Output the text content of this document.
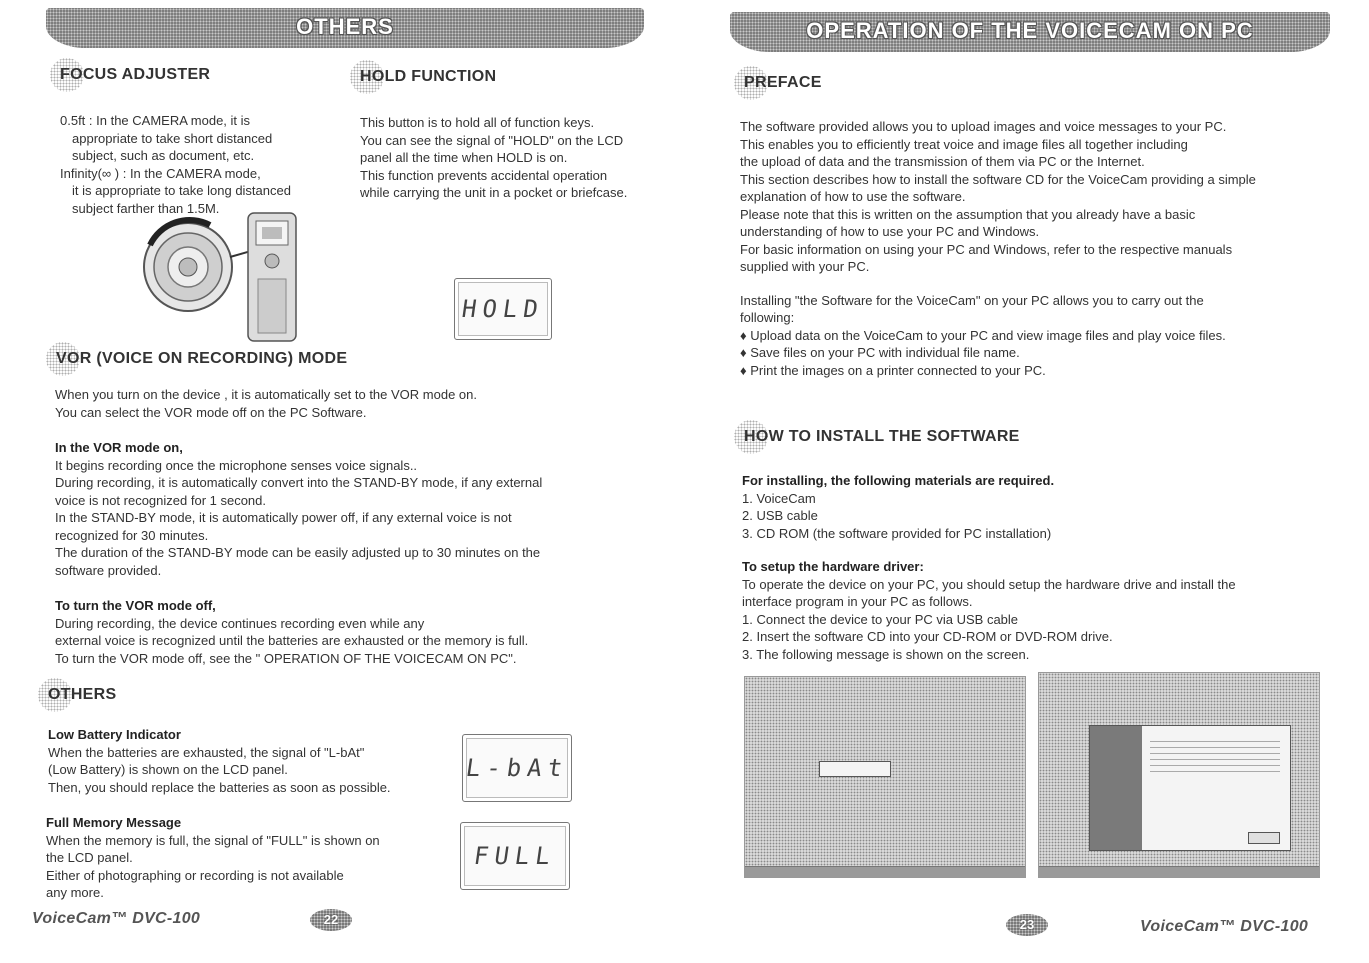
OTHERS
FOCUS ADJUSTER

0.5ft : In the CAMERA mode, it is

appropriate to take short distanced

subject, such as document, etc.

Infinity(∞ ) : In the CAMERA mode,

it is appropriate to take long distanced

subject farther than 1.5M.

HOLD FUNCTION

This button is to hold all of function keys.

You can see the signal of "HOLD" on the LCD

panel all the time when HOLD is on.

This function prevents accidental operation

while carrying the unit in a pocket or briefcase.

HOLD
VOR (VOICE ON RECORDING) MODE

When you turn on the device , it is automatically set to the VOR mode on.

You can select the VOR mode off on the PC Software.

In the VOR mode on,

It begins recording once the microphone senses voice signals..

During recording, it is automatically convert into the STAND-BY mode, if any external

voice is not recognized for 1 second.

In the STAND-BY mode, it is automatically power off, if any external voice is not

recognized for 30 minutes.

The duration of the STAND-BY mode can be easily adjusted up to 30 minutes on the

software provided.

To turn the VOR mode off,

During recording, the device continues recording even while any

external voice is recognized until the batteries are exhausted or the memory is full.

To turn the VOR mode off, see the " OPERATION OF THE VOICECAM ON PC".

OTHERS

Low Battery Indicator

When the batteries are exhausted, the signal of "L-bAt"

(Low Battery) is shown on the LCD panel.

Then, you should replace the batteries as soon as possible.

L-bAt

Full Memory Message

When the memory is full, the signal of "FULL" is shown on

the LCD panel.

Either of photographing or recording is not available

any more.

FULL
VoiceCam™ DVC-100	22
OPERATION OF THE VOICECAM ON PC
PREFACE

The software provided allows you to upload images and voice messages to your PC.

This enables you to efficiently treat voice and image files all together including

the upload of data and the transmission of them via PC or the Internet.

This section describes how to install the software CD for the VoiceCam providing a simple

explanation of how to use the software.

Please note that this is written on the assumption that you already have a basic

understanding of how to use your PC and Windows.

For basic information on using your PC and Windows, refer to the respective manuals

supplied with your PC.

Installing "the Software for the VoiceCam" on your PC allows you to carry out the

following:

♦ Upload data on the VoiceCam to your PC and view image files and play voice files.

♦ Save files on your PC with individual file name.

♦ Print the images on a printer connected to your PC.

HOW TO INSTALL THE SOFTWARE

For installing, the following materials are required.

1. VoiceCam

2. USB cable

3. CD ROM (the software provided for PC installation)

To setup the hardware driver:

To operate the device on your PC, you should setup the hardware drive and install the

interface program in your PC as follows.

1. Connect the device to your PC via USB cable

2. Insert the software CD into your CD-ROM or DVD-ROM drive.

3. The following message is shown on the screen.

23	VoiceCam™ DVC-100
